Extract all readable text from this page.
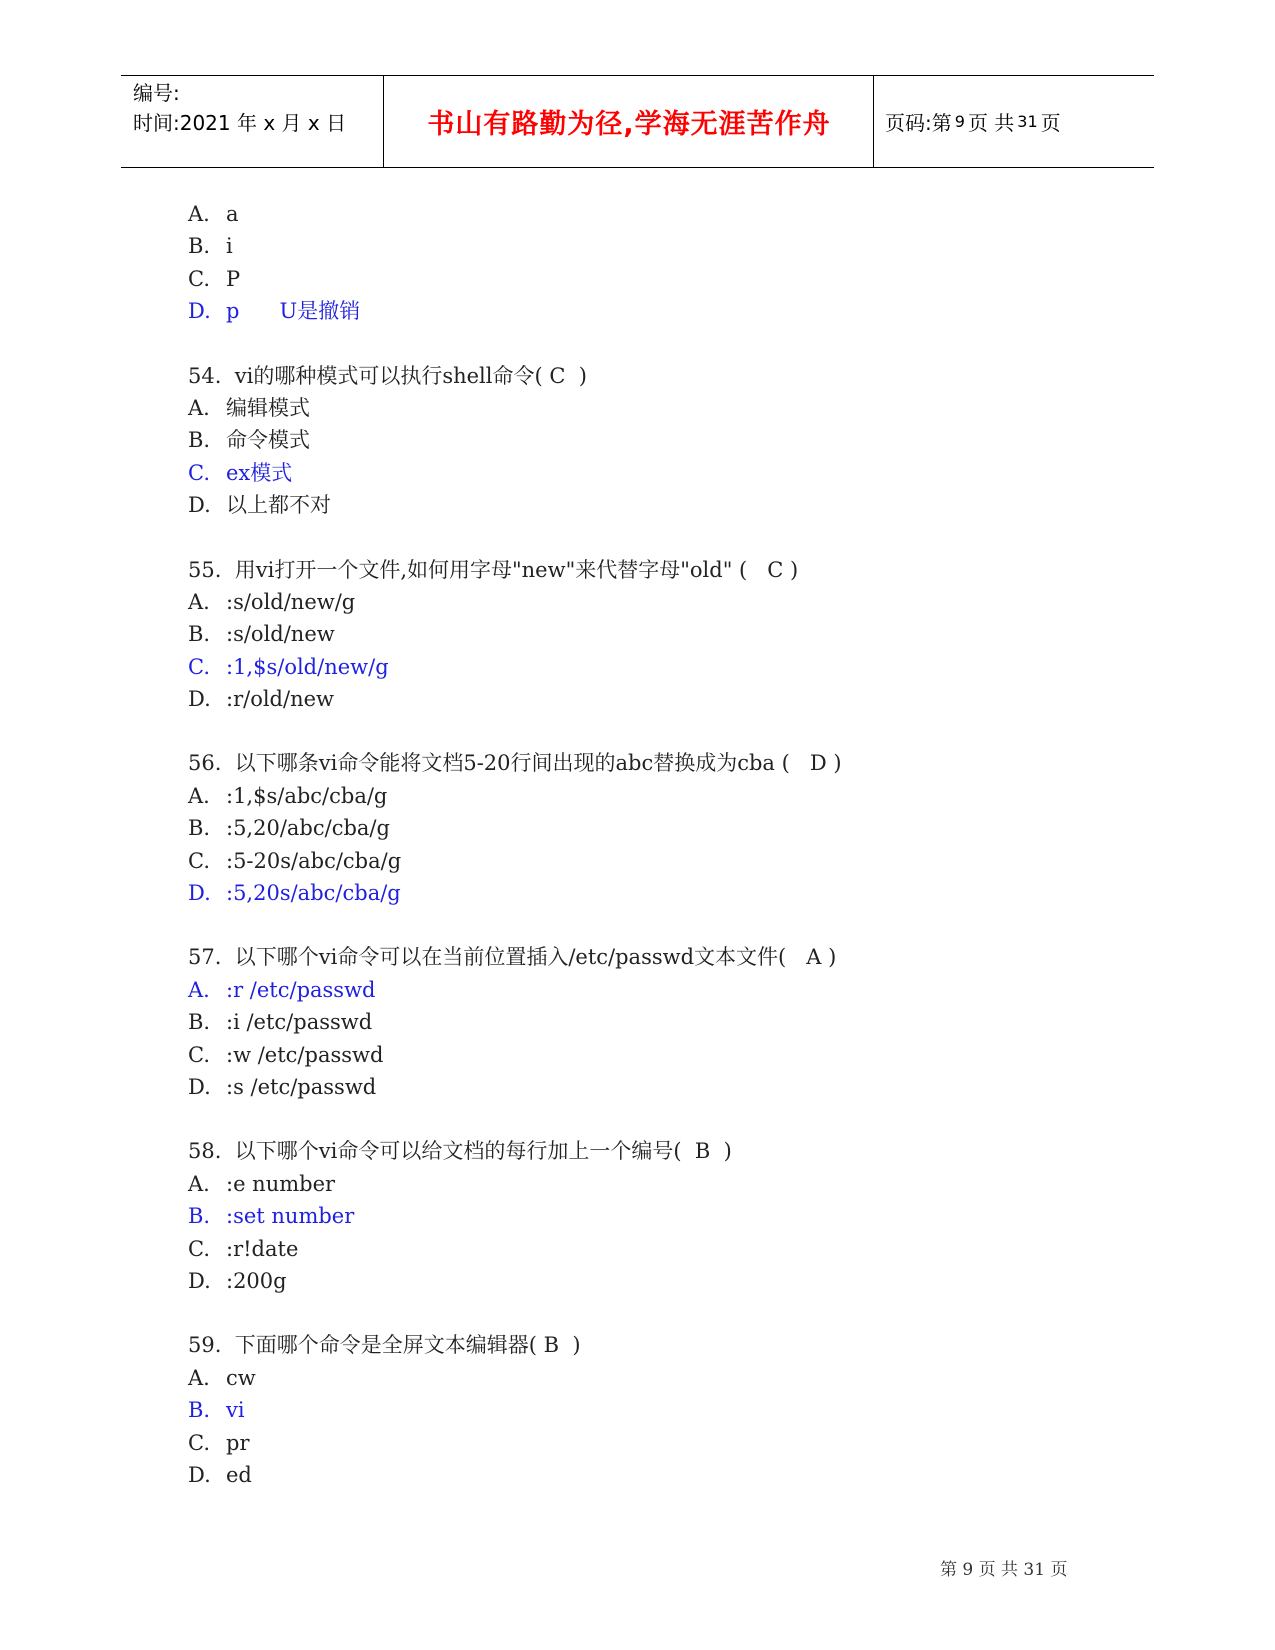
编号:
时间:2021 年 x 月 x 日	书山有路勤为径,学海无涯苦作舟	页码:第 9 页 共 31 页
A. a
B. i
C. P
D. p      U是撤销
54.  vi的哪种模式可以执行shell命令( C  )
A. 编辑模式
B. 命令模式
C. ex模式
D. 以上都不对
55.  用vi打开一个文件,如何用字母"new"来代替字母"old" (   C )
A. :s/old/new/g
B. :s/old/new
C. :1,$s/old/new/g
D. :r/old/new
56.  以下哪条vi命令能将文档5-20行间出现的abc替换成为cba (   D )
A. :1,$s/abc/cba/g
B. :5,20/abc/cba/g
C. :5-20s/abc/cba/g
D. :5,20s/abc/cba/g
57.  以下哪个vi命令可以在当前位置插入/etc/passwd文本文件(   A )
A. :r /etc/passwd
B. :i /etc/passwd
C. :w /etc/passwd
D. :s /etc/passwd
58.  以下哪个vi命令可以给文档的每行加上一个编号(  B  )
A. :e number
B. :set number
C. :r!date
D. :200g
59.  下面哪个命令是全屏文本编辑器( B  )
A. cw
B. vi
C. pr
D. ed
第 9 页 共 31 页
